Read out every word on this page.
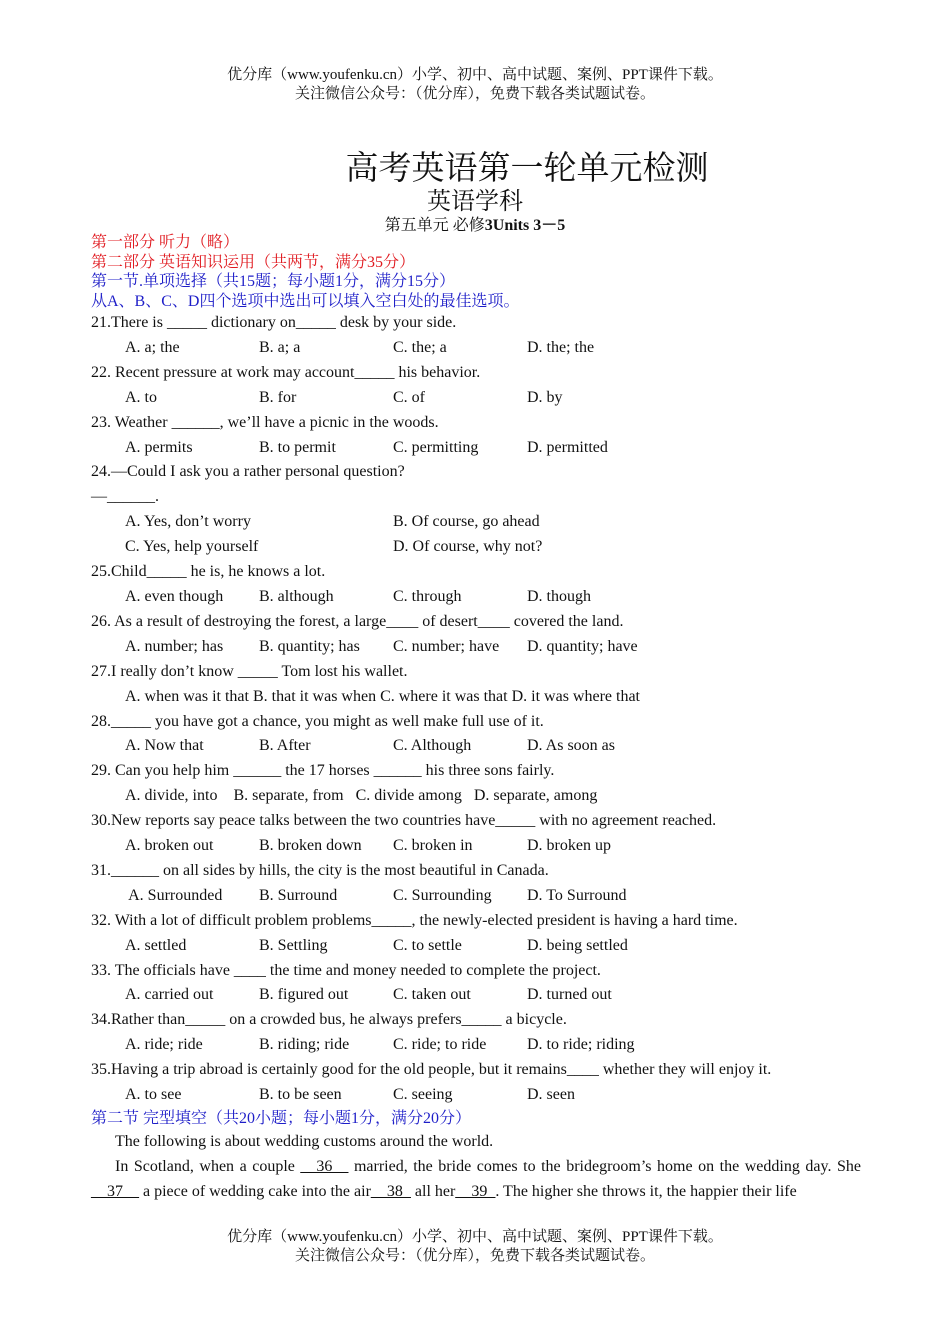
优分库（www.youfenku.cn）小学、初中、高中试题、案例、PPT课件下载。
关注微信公众号：（优分库），免费下载各类试题试卷。
高考英语第一轮单元检测
英语学科
第五单元 必修3Units 3－5
第一部分 听力（略）
第二部分 英语知识运用（共两节，满分35分）
第一节.单项选择（共15题；每小题1分，满分15分）
从A、B、C、D四个选项中选出可以填入空白处的最佳选项。
21.There is _____ dictionary on_____ desk by your side.
A. a; the	B. a; a	C. the; a	D. the; the
22. Recent pressure at work may account_____ his behavior.
A. to	B. for	C. of	D. by
23. Weather ______, we’ll have a picnic in the woods.
A. permits	B. to permit	C. permitting	D. permitted
24.—Could I ask you a rather personal question?
—______.
A. Yes, don’t worry	B. Of course, go ahead
C. Yes, help yourself	D. Of course, why not?
25.Child_____ he is, he knows a lot.
A. even though	B. although	C. through	D. though
26. As a result of destroying the forest, a large____ of desert____ covered the land.
A. number; has	B. quantity; has	C. number; have	D. quantity; have
27.I really don’t know _____ Tom lost his wallet.
A. when was it that B. that it was when C. where it was that D. it was where that
28._____ you have got a chance, you might as well make full use of it.
A. Now that	B. After	C. Although	D. As soon as
29. Can you help him ______ the 17 horses ______ his three sons fairly.
A. divide, into    B. separate, from   C. divide among   D. separate, among
30.New reports say peace talks between the two countries have_____ with no agreement reached.
A. broken out	B. broken down	C. broken in	D. broken up
31.______ on all sides by hills, the city is the most beautiful in Canada.
A. Surrounded	B. Surround	C. Surrounding	D. To Surround
32. With a lot of difficult problem problems_____, the newly-elected president is having a hard time.
A. settled	B. Settling	C. to settle	D. being settled
33. The officials have ____ the time and money needed to complete the project.
A. carried out	B. figured out	C. taken out	D. turned out
34.Rather than_____ on a crowded bus, he always prefers_____ a bicycle.
A. ride; ride	B. riding; ride	C. ride; to ride	D. to ride; riding
35.Having a trip abroad is certainly good for the old people, but it remains____ whether they will enjoy it.
A. to see	B. to be seen	C. seeing	D. seen
第二节 完型填空（共20小题；每小题1分，满分20分）
The following is about wedding customs around the world.
In Scotland, when a couple __36__ married, the bride comes to the bridegroom’s home on the wedding day. She __37__ a piece of wedding cake into the air__38_ all her__39_. The higher she throws it, the happier their life
优分库（www.youfenku.cn）小学、初中、高中试题、案例、PPT课件下载。
关注微信公众号：（优分库），免费下载各类试题试卷。
